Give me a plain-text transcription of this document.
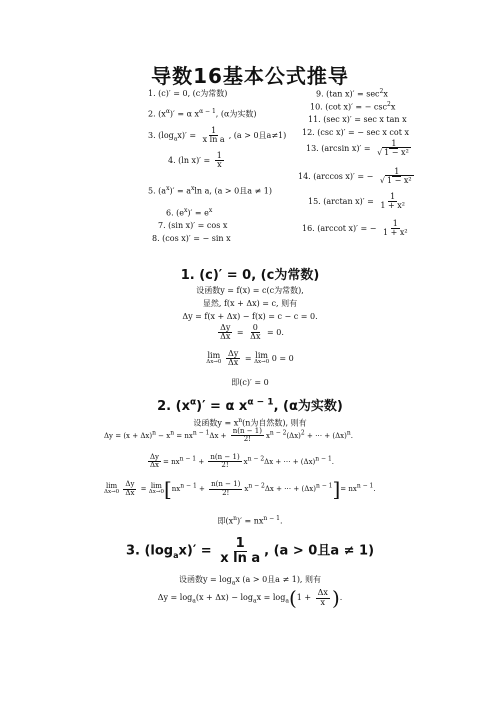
导数16基本公式推导
1. (c)′ = 0, (c为常数)
2. $(x^\alpha)' = \alpha$ $x^{\alpha - 1}$, (α为实数)
3. $(\log_ax)' = \frac{1}{\text{x ln a}}$ , (a > 0且a≠1)
4. (ln $x)' = \frac{1}{x}$
5. $(a^x)' = a^x\ln$ a, (a > 0且a ≠ 1)
6. $(e^x)' = e^x$
7. (sin x)′ = cos x
8. (cos x)′ = − sin x
9. (tan $x)' = \sec^2x$
10. (cot x)′ = − $\csc^2x$
11. (sec x)′ = sec x tan x
12. (csc x)′ = − sec x cot x
13. (arcsin $x)' = \frac{1}{\text{√ 1 − x²}}$
14. (arccos x)′ = − $\frac{1}{\text{√ 1 − x²}}$
15. (arctan $x)' = \frac{1}{\text{1 + x²}}$
16. (arccot x)′ = − $\frac{1}{\text{1 + x²}}$
1. (c)′ = 0, (c为常数)
设函数y = f(x) = c(c为常数),
显然, f(x + Δx) = c, 则有
Δy = f(x + Δx) − f(x) = c − c = 0.
$\frac{\Delta y}{\Delta x} = \frac{0}{\Delta x} = 0$.
lim
Δx→0
$\frac{\Delta y}{\Delta x} = \lim$
Δx→0 0 = 0
即(c)′ = 0
2. $(x^\alpha)' = \alpha$ $x^{\alpha - 1}$, (α为实数)
设函数$y = x^n(n$为自然数), 则有
Δy = (x + Δx)n − xn = nxn − $1\Delta x + \frac{n(n - 1)}{2!}$ xn − 2(Δx)2 + ⋯ + (Δx)n.
$\frac{\Delta y}{\Delta x}$ = nxn − $1 + \frac{n(n - 1)}{2!}$ xn − 2Δx + ⋯ + (Δx)n − 1.
lim
Δx→0
$\frac{\Delta y}{\Delta x} = \lim$
Δx→0 [$nxn - 1 + \frac{n(n - 1)}{2!}$ xn − 2Δx + ⋯ + (Δx)n − 1]= nxn − 1.
即$(x^n)' = nx^{n - 1}$.
3. $(\log_ax)' = \frac{1}{\text{x ln a}}$ , (a > 0且a ≠ 1)
设函数$y = \log_ax$ (a > 0且a ≠ 1), 则有
$\Delta y = \log_a(x + \Delta x) - \log_ax = \log_a(1 + \frac{\Delta x}{x}$ ).
